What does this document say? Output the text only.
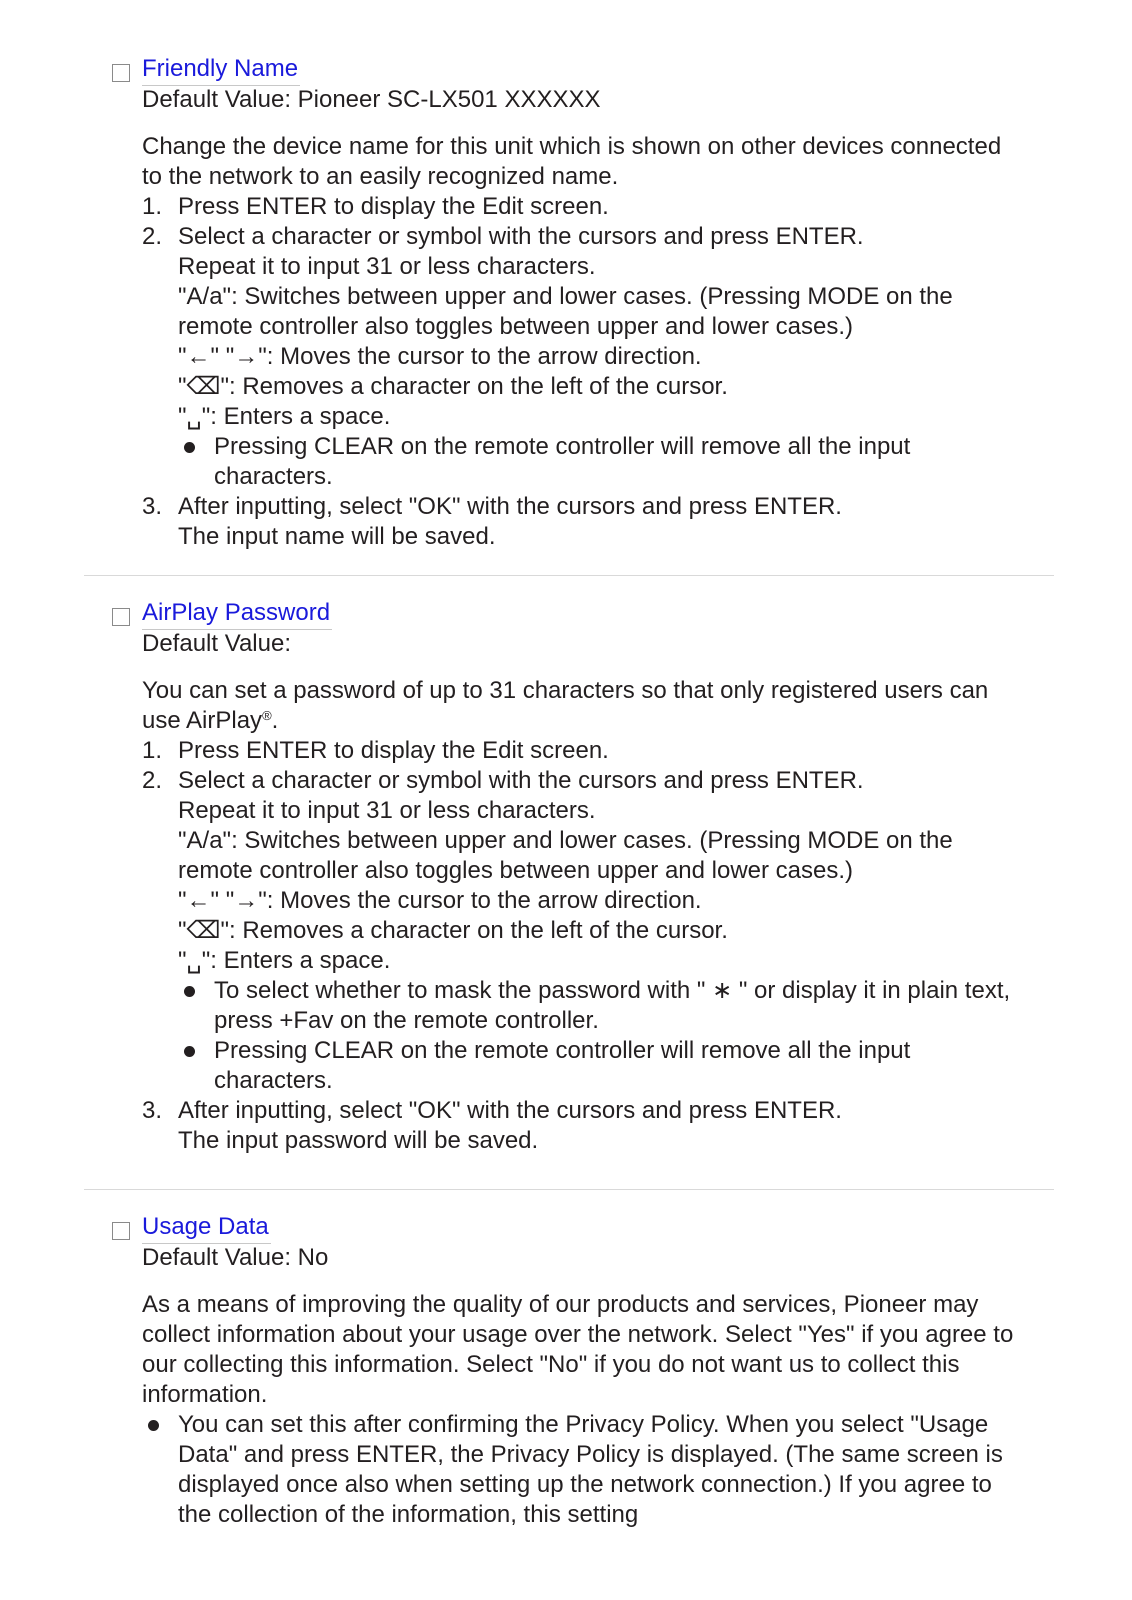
Friendly Name

Default Value: Pioneer SC-LX501 XXXXXX

Change the device name for this unit which is shown on other devices connected to the network to an easily recognized name.

1. Press ENTER to display the Edit screen.
2. Select a character or symbol with the cursors and press ENTER.
Repeat it to input 31 or less characters.
"A/a": Switches between upper and lower cases. (Pressing MODE on the remote controller also toggles between upper and lower cases.)
"←" "→": Moves the cursor to the arrow direction.
"⌫": Removes a character on the left of the cursor.
"␣": Enters a space.
Pressing CLEAR on the remote controller will remove all the input characters.
3. After inputting, select "OK" with the cursors and press ENTER.
The input name will be saved.
AirPlay Password

Default Value:

You can set a password of up to 31 characters so that only registered users can use AirPlay®.

1. Press ENTER to display the Edit screen.
2. Select a character or symbol with the cursors and press ENTER.
Repeat it to input 31 or less characters.
"A/a": Switches between upper and lower cases. (Pressing MODE on the remote controller also toggles between upper and lower cases.)
"←" "→": Moves the cursor to the arrow direction.
"⌫": Removes a character on the left of the cursor.
"␣": Enters a space.
To select whether to mask the password with " ∗ " or display it in plain text, press +Fav on the remote controller.
Pressing CLEAR on the remote controller will remove all the input characters.
3. After inputting, select "OK" with the cursors and press ENTER.
The input password will be saved.
Usage Data

Default Value: No

As a means of improving the quality of our products and services, Pioneer may collect information about your usage over the network. Select "Yes" if you agree to our collecting this information. Select "No" if you do not want us to collect this information.

You can set this after confirming the Privacy Policy. When you select "Usage Data" and press ENTER, the Privacy Policy is displayed. (The same screen is displayed once also when setting up the network connection.) If you agree to the collection of the information, this setting
